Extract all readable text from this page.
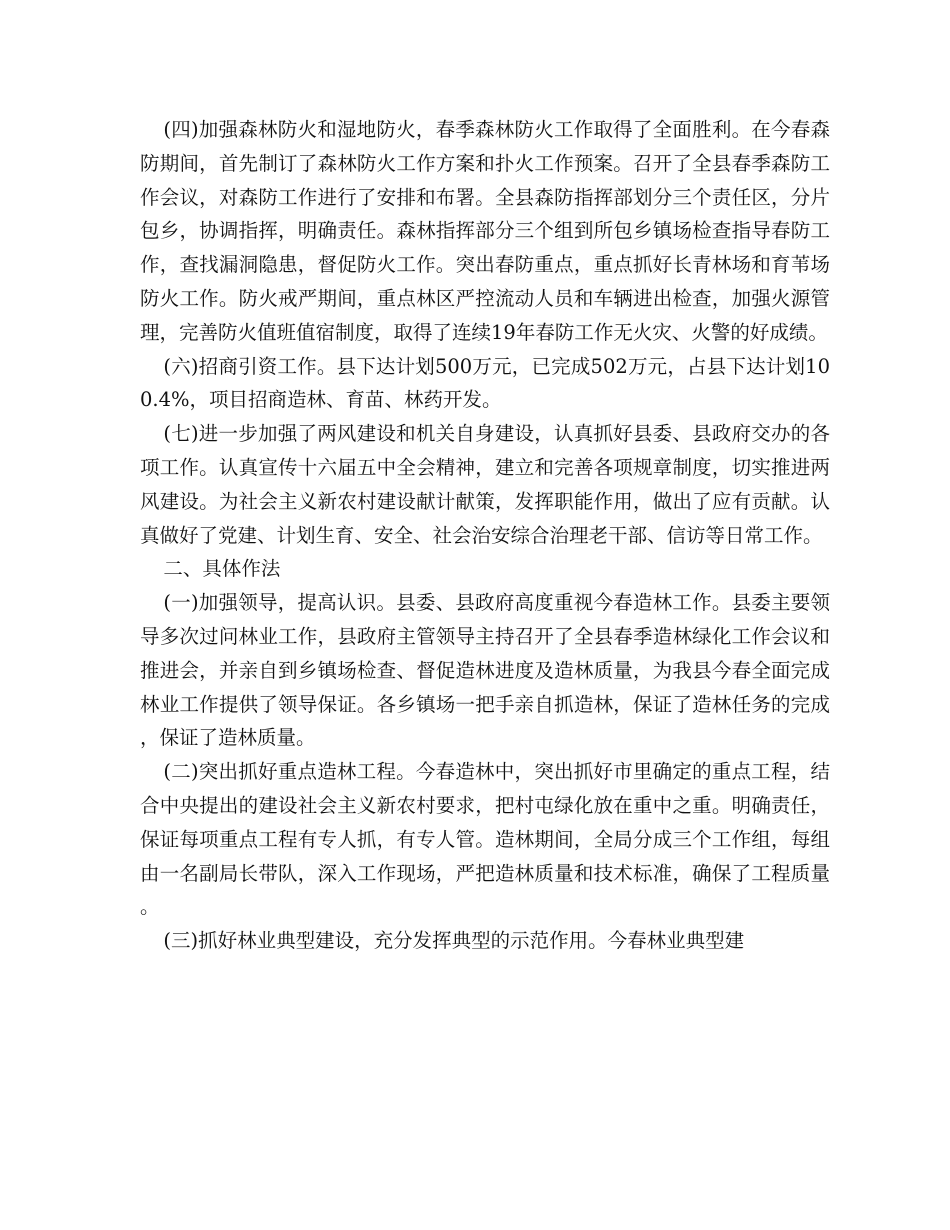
(四)加强森林防火和湿地防火，春季森林防火工作取得了全面胜利。在今春森防期间，首先制订了森林防火工作方案和扑火工作预案。召开了全县春季森防工作会议，对森防工作进行了安排和布署。全县森防指挥部划分三个责任区，分片包乡，协调指挥，明确责任。森林指挥部分三个组到所包乡镇场检查指导春防工作，查找漏洞隐患，督促防火工作。突出春防重点，重点抓好长青林场和育苇场防火工作。防火戒严期间，重点林区严控流动人员和车辆进出检查，加强火源管理，完善防火值班值宿制度，取得了连续19年春防工作无火灾、火警的好成绩。

(六)招商引资工作。县下达计划500万元，已完成502万元，占县下达计划100.4%，项目招商造林、育苗、林药开发。

(七)进一步加强了两风建设和机关自身建设，认真抓好县委、县政府交办的各项工作。认真宣传十六届五中全会精神，建立和完善各项规章制度，切实推进两风建设。为社会主义新农村建设献计献策，发挥职能作用，做出了应有贡献。认真做好了党建、计划生育、安全、社会治安综合治理老干部、信访等日常工作。

二、具体作法

(一)加强领导，提高认识。县委、县政府高度重视今春造林工作。县委主要领导多次过问林业工作，县政府主管领导主持召开了全县春季造林绿化工作会议和推进会，并亲自到乡镇场检查、督促造林进度及造林质量，为我县今春全面完成林业工作提供了领导保证。各乡镇场一把手亲自抓造林，保证了造林任务的完成，保证了造林质量。

(二)突出抓好重点造林工程。今春造林中，突出抓好市里确定的重点工程，结合中央提出的建设社会主义新农村要求，把村屯绿化放在重中之重。明确责任，保证每项重点工程有专人抓，有专人管。造林期间，全局分成三个工作组，每组由一名副局长带队，深入工作现场，严把造林质量和技术标准，确保了工程质量。

(三)抓好林业典型建设，充分发挥典型的示范作用。今春林业典型建
